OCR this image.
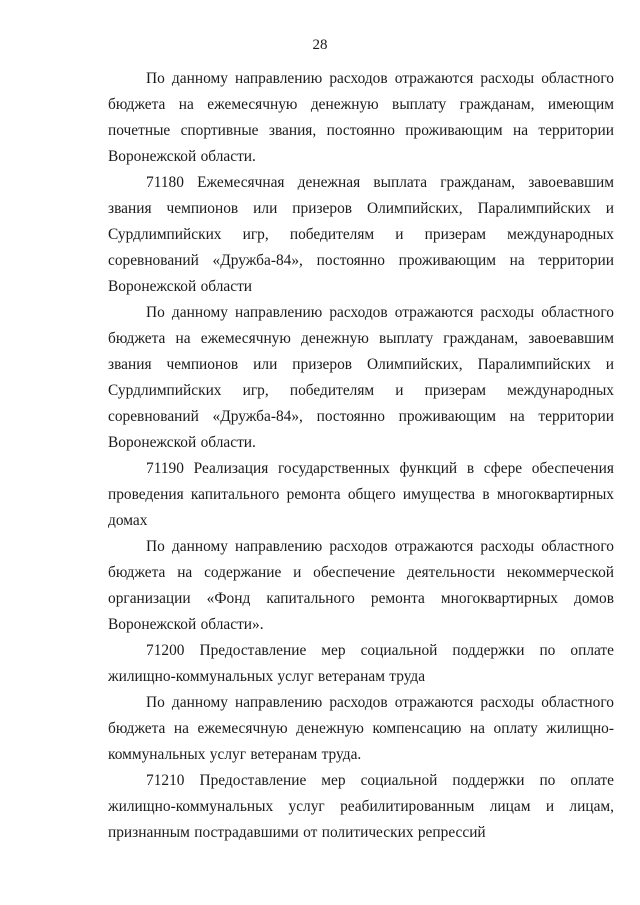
28

По данному направлению расходов отражаются расходы областного бюджета на ежемесячную денежную выплату гражданам, имеющим почетные спортивные звания, постоянно проживающим на территории Воронежской области.

71180 Ежемесячная денежная выплата гражданам, завоевавшим звания чемпионов или призеров Олимпийских, Паралимпийских и Сурдлимпийских игр, победителям и призерам международных соревнований «Дружба-84», постоянно проживающим на территории Воронежской области

По данному направлению расходов отражаются расходы областного бюджета на ежемесячную денежную выплату гражданам, завоевавшим звания чемпионов или призеров Олимпийских, Паралимпийских и Сурдлимпийских игр, победителям и призерам международных соревнований «Дружба-84», постоянно проживающим на территории Воронежской области.

71190 Реализация государственных функций в сфере обеспечения проведения капитального ремонта общего имущества в многоквартирных домах

По данному направлению расходов отражаются расходы областного бюджета на содержание и обеспечение деятельности некоммерческой организации «Фонд капитального ремонта многоквартирных домов Воронежской области».

71200 Предоставление мер социальной поддержки по оплате жилищно-коммунальных услуг ветеранам труда

По данному направлению расходов отражаются расходы областного бюджета на ежемесячную денежную компенсацию на оплату жилищно-коммунальных услуг ветеранам труда.

71210 Предоставление мер социальной поддержки по оплате жилищно-коммунальных услуг реабилитированным лицам и лицам, признанным пострадавшими от политических репрессий
